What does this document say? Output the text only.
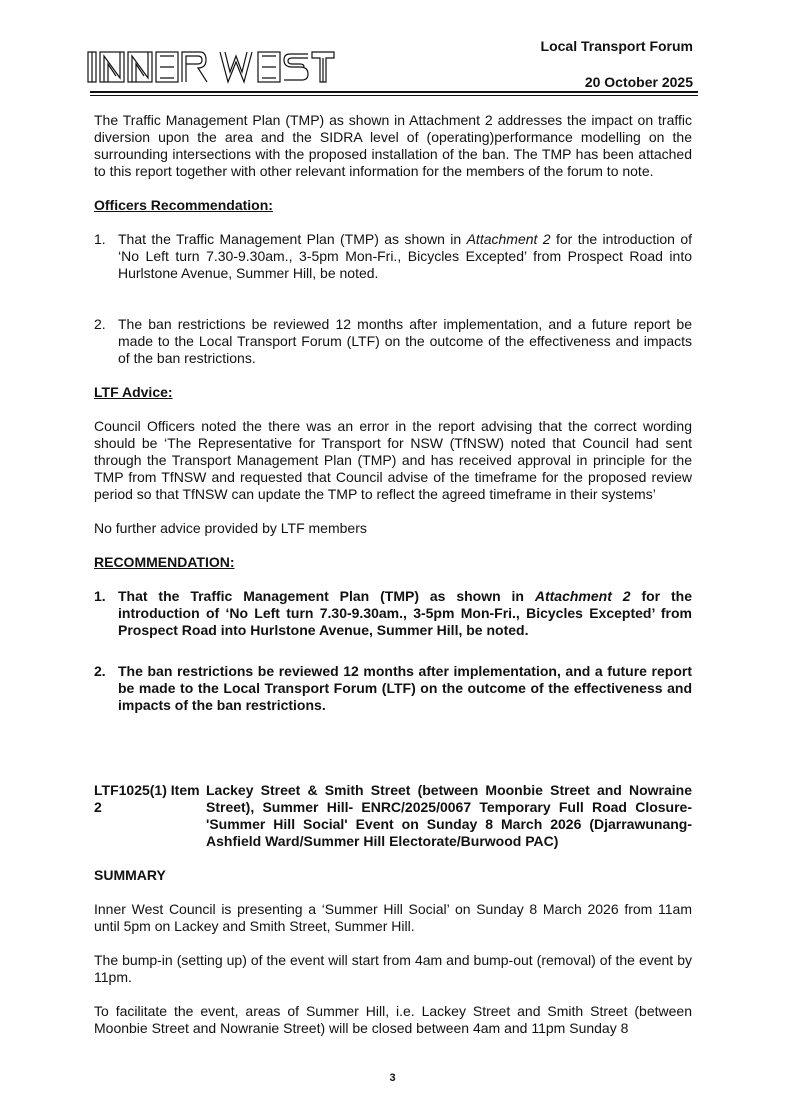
Local Transport Forum
20 October 2025

The Traffic Management Plan (TMP) as shown in Attachment 2 addresses the impact on traffic diversion upon the area and the SIDRA level of (operating)performance modelling on the surrounding intersections with the proposed installation of the ban. The TMP has been attached to this report together with other relevant information for the members of the forum to note.

Officers Recommendation:

1. That the Traffic Management Plan (TMP) as shown in Attachment 2 for the introduction of ‘No Left turn 7.30-9.30am., 3-5pm Mon-Fri., Bicycles Excepted’ from Prospect Road into Hurlstone Avenue, Summer Hill, be noted.
2. The ban restrictions be reviewed 12 months after implementation, and a future report be made to the Local Transport Forum (LTF) on the outcome of the effectiveness and impacts of the ban restrictions.

LTF Advice:

Council Officers noted the there was an error in the report advising that the correct wording should be ‘The Representative for Transport for NSW (TfNSW) noted that Council had sent through the Transport Management Plan (TMP) and has received approval in principle for the TMP from TfNSW and requested that Council advise of the timeframe for the proposed review period so that TfNSW can update the TMP to reflect the agreed timeframe in their systems’

No further advice provided by LTF members

RECOMMENDATION:

1. That the Traffic Management Plan (TMP) as shown in Attachment 2 for the introduction of ‘No Left turn 7.30-9.30am., 3-5pm Mon-Fri., Bicycles Excepted’ from Prospect Road into Hurlstone Avenue, Summer Hill, be noted.
2. The ban restrictions be reviewed 12 months after implementation, and a future report be made to the Local Transport Forum (LTF) on the outcome of the effectiveness and impacts of the ban restrictions.
LTF1025(1) Item 2
Lackey Street & Smith Street (between Moonbie Street and Nowraine Street), Summer Hill- ENRC/2025/0067 Temporary Full Road Closure- 'Summer Hill Social' Event on Sunday 8 March 2026 (Djarrawunang- Ashfield Ward/Summer Hill Electorate/Burwood PAC)

SUMMARY

Inner West Council is presenting a ‘Summer Hill Social’ on Sunday 8 March 2026 from 11am until 5pm on Lackey and Smith Street, Summer Hill.

The bump-in (setting up) of the event will start from 4am and bump-out (removal) of the event by 11pm.

To facilitate the event, areas of Summer Hill, i.e. Lackey Street and Smith Street (between Moonbie Street and Nowranie Street) will be closed between 4am and 11pm Sunday 8

3
